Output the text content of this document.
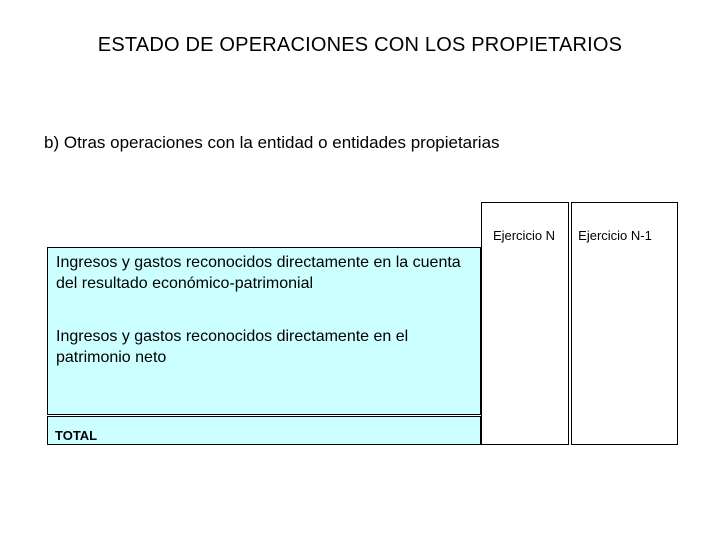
ESTADO DE OPERACIONES CON LOS PROPIETARIOS
b) Otras operaciones con la entidad o entidades propietarias
Ejercicio N	Ejercicio N-1
Ingresos y gastos reconocidos directamente en la cuenta del resultado económico-patrimonial
Ingresos y gastos reconocidos directamente en el patrimonio neto
TOTAL
